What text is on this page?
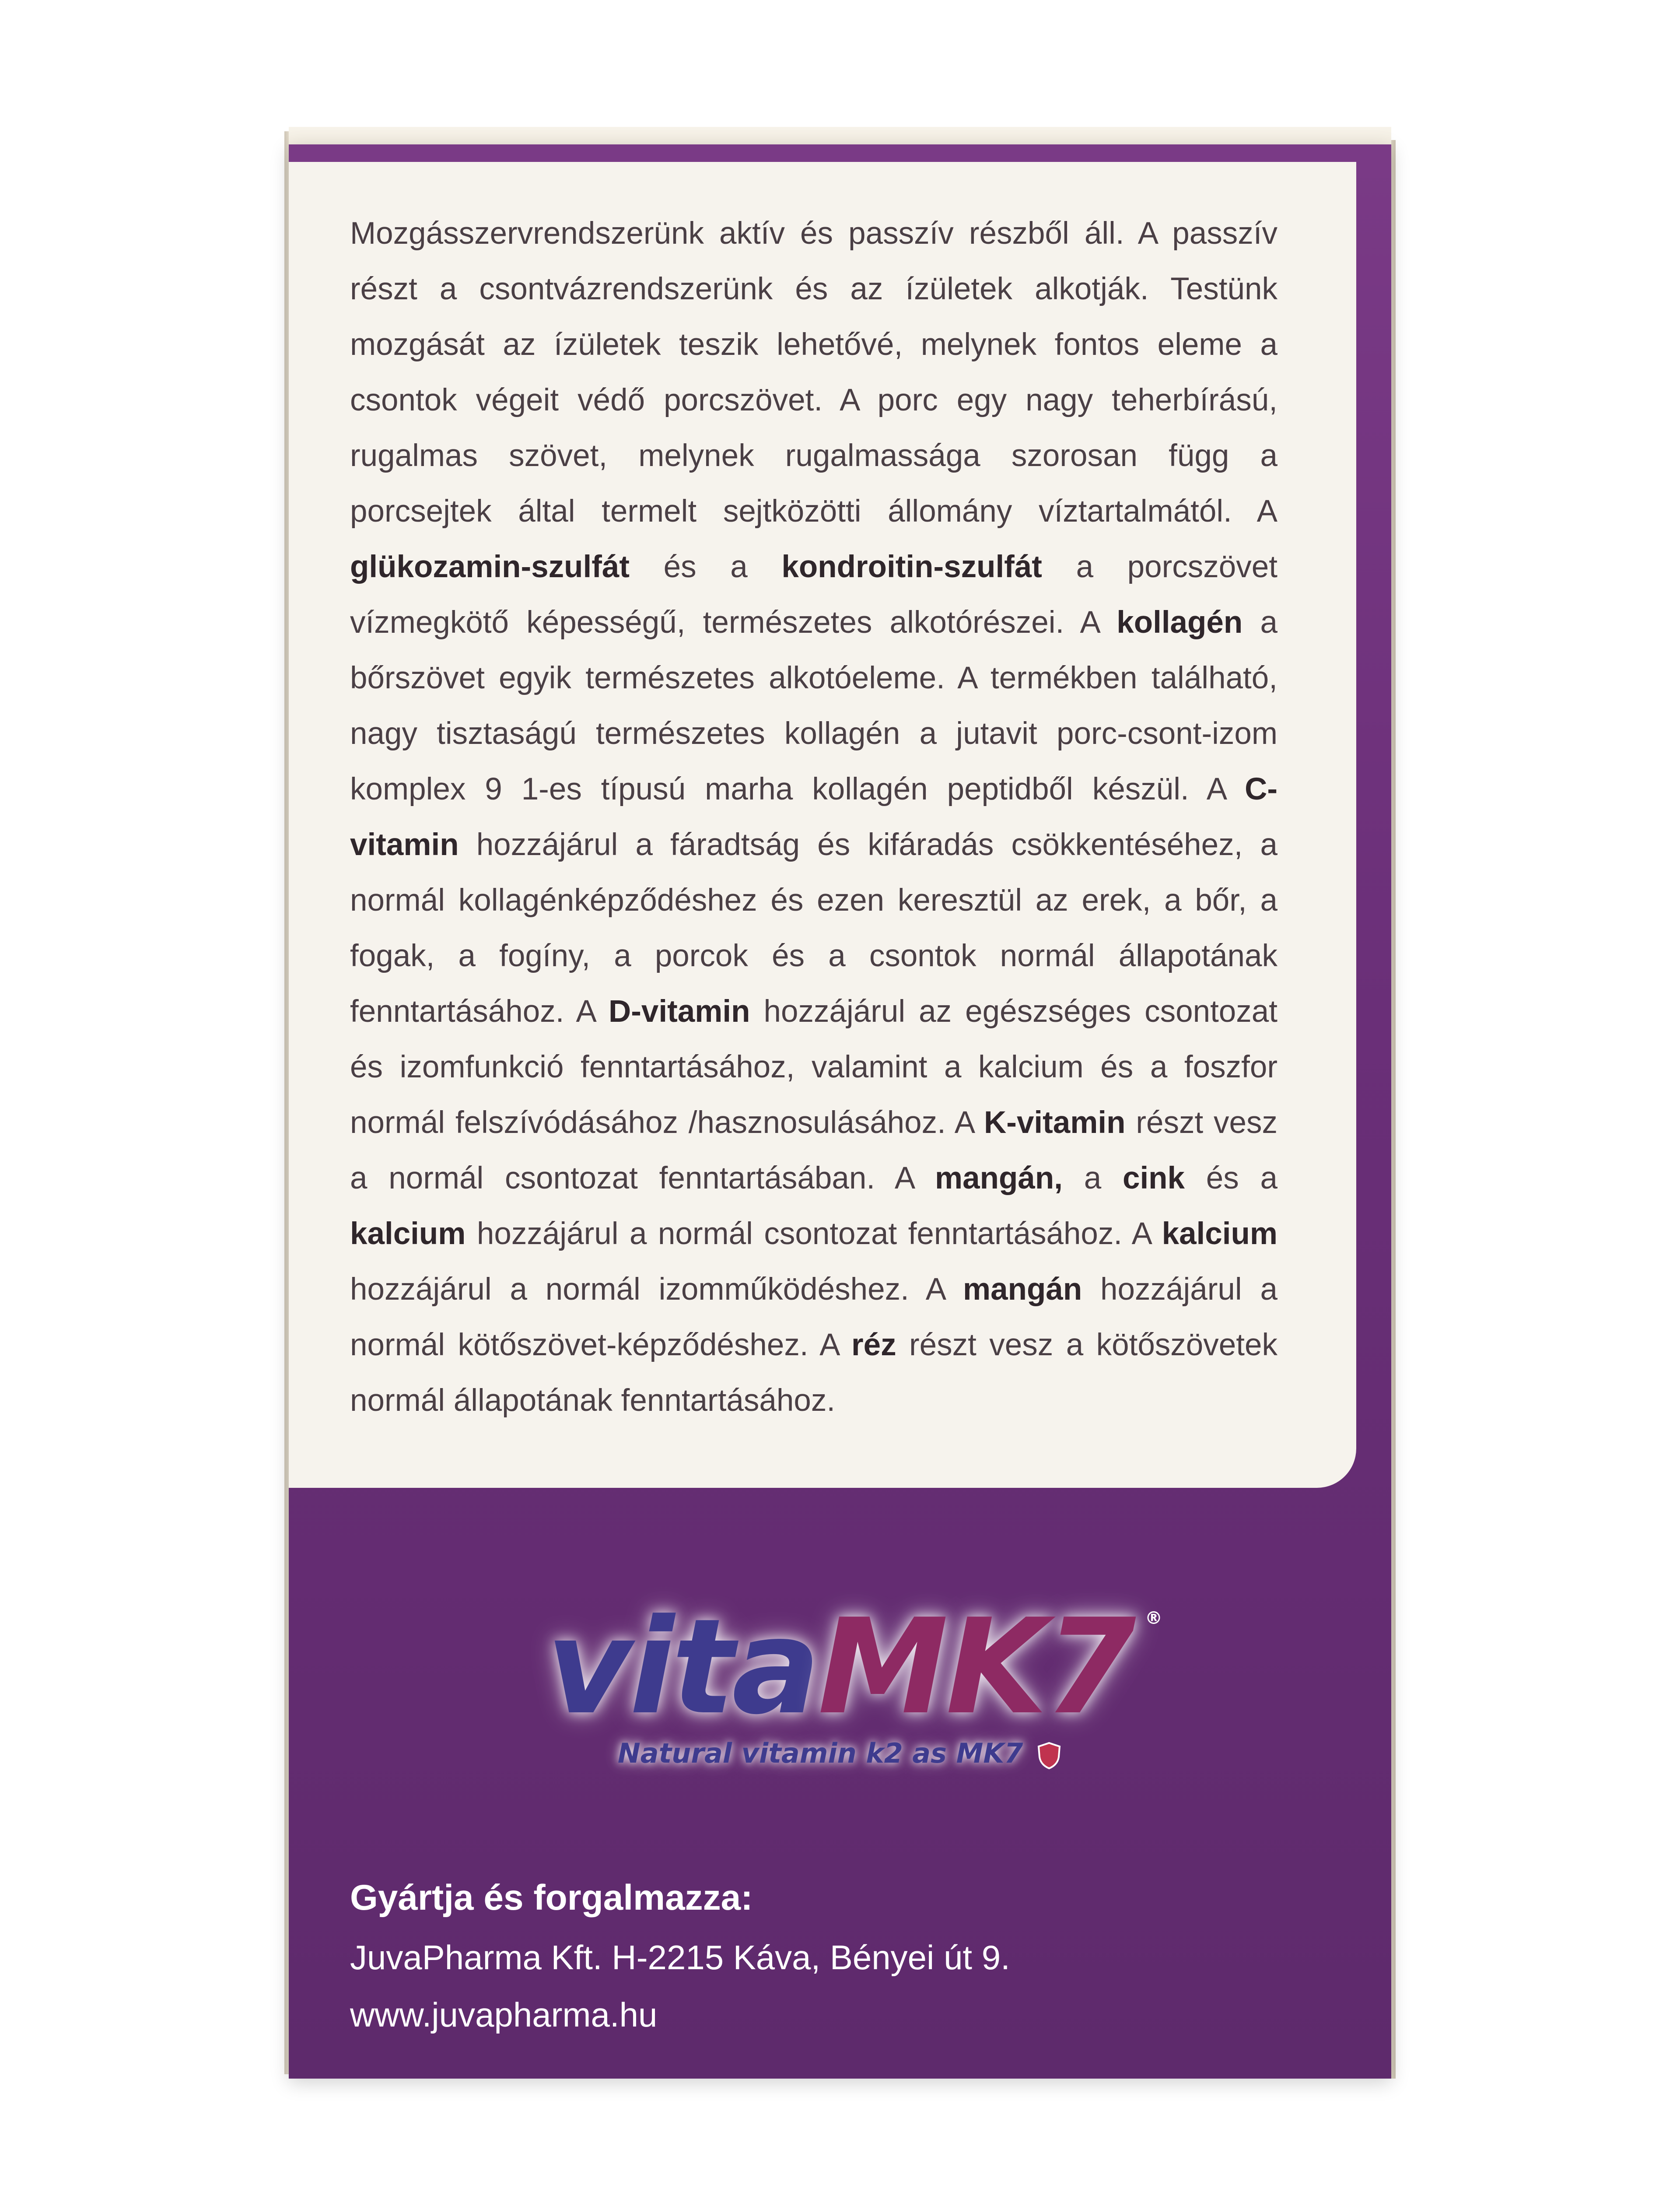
Mozgásszervrendszerünk aktív és passzív részből áll. A passzív részt a csontvázrendszerünk és az ízületek alkotják. Testünk mozgását az ízületek teszik lehetővé, melynek fontos eleme a csontok végeit védő porcszövet. A porc egy nagy teherbírású, rugalmas szövet, melynek rugalmassága szorosan függ a porcsejtek által termelt sejtközötti állomány víztartalmától. A glükozamin-szulfát és a kondroitin-szulfát a porcszövet vízmegkötő képességű, természetes alkotórészei. A kollagén a bőrszövet egyik természetes alkotóeleme. A termékben található, nagy tisztaságú természetes kollagén a jutavit porc-csont-izom komplex 9 1-es típusú marha kollagén peptidből készül. A C-vitamin hozzájárul a fáradtság és kifáradás csökkentéséhez, a normál kollagénképződéshez és ezen keresztül az erek, a bőr, a fogak, a fogíny, a porcok és a csontok normál állapotának fenntartásához. A D-vitamin hozzájárul az egészséges csontozat és izomfunkció fenntartásához, valamint a kalcium és a foszfor normál felszívódásához /hasznosulásához. A K-vitamin részt vesz a normál csontozat fenntartásában. A mangán, a cink és a kalcium hozzájárul a normál csontozat fenntartásához. A kalcium hozzájárul a normál izomműködéshez. A mangán hozzájárul a normál kötőszövet-képződéshez. A réz részt vesz a kötőszövetek normál állapotának fenntartásához.

vitaMK7 ®
Natural vitamin k2 as MK7
Gyártja és forgalmazza:
JuvaPharma Kft. H-2215 Káva, Bényei út 9.
www.juvapharma.hu
